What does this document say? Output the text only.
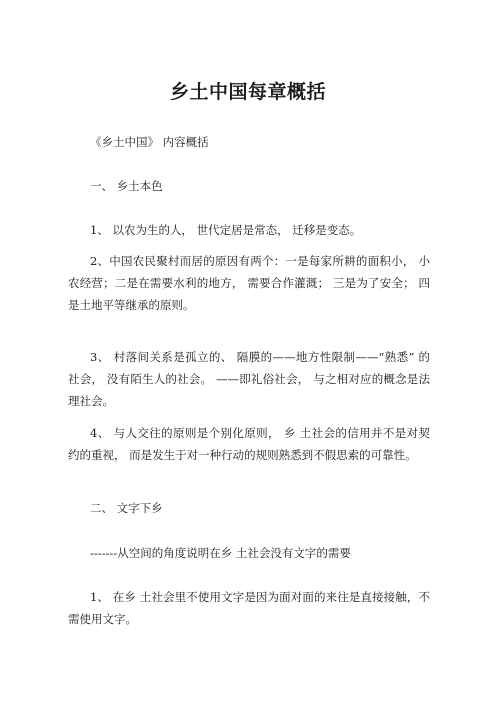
乡土中国每章概括

《乡土中国》 内容概括

一、 乡土本色

1、 以农为生的人， 世代定居是常态， 迁移是变态。

2、中国农民聚村而居的原因有两个：一是每家所耕的面积小， 小农经营；二是在需要水利的地方， 需要合作灌溉； 三是为了安全； 四是土地平等继承的原则。

3、 村落间关系是孤立的、 隔膜的——地方性限制——“熟悉” 的社会， 没有陌生人的社会。 ——即礼俗社会， 与之相对应的概念是法理社会。

4、 与人交往的原则是个别化原则， 乡 土社会的信用并不是对契约的重视， 而是发生于对一种行动的规则熟悉到不假思索的可靠性。

二、 文字下乡

-------从空间的角度说明在乡 土社会没有文字的需要

1、 在乡 土社会里不使用文字是因为面对面的来往是直接接触，不需使用文字。
